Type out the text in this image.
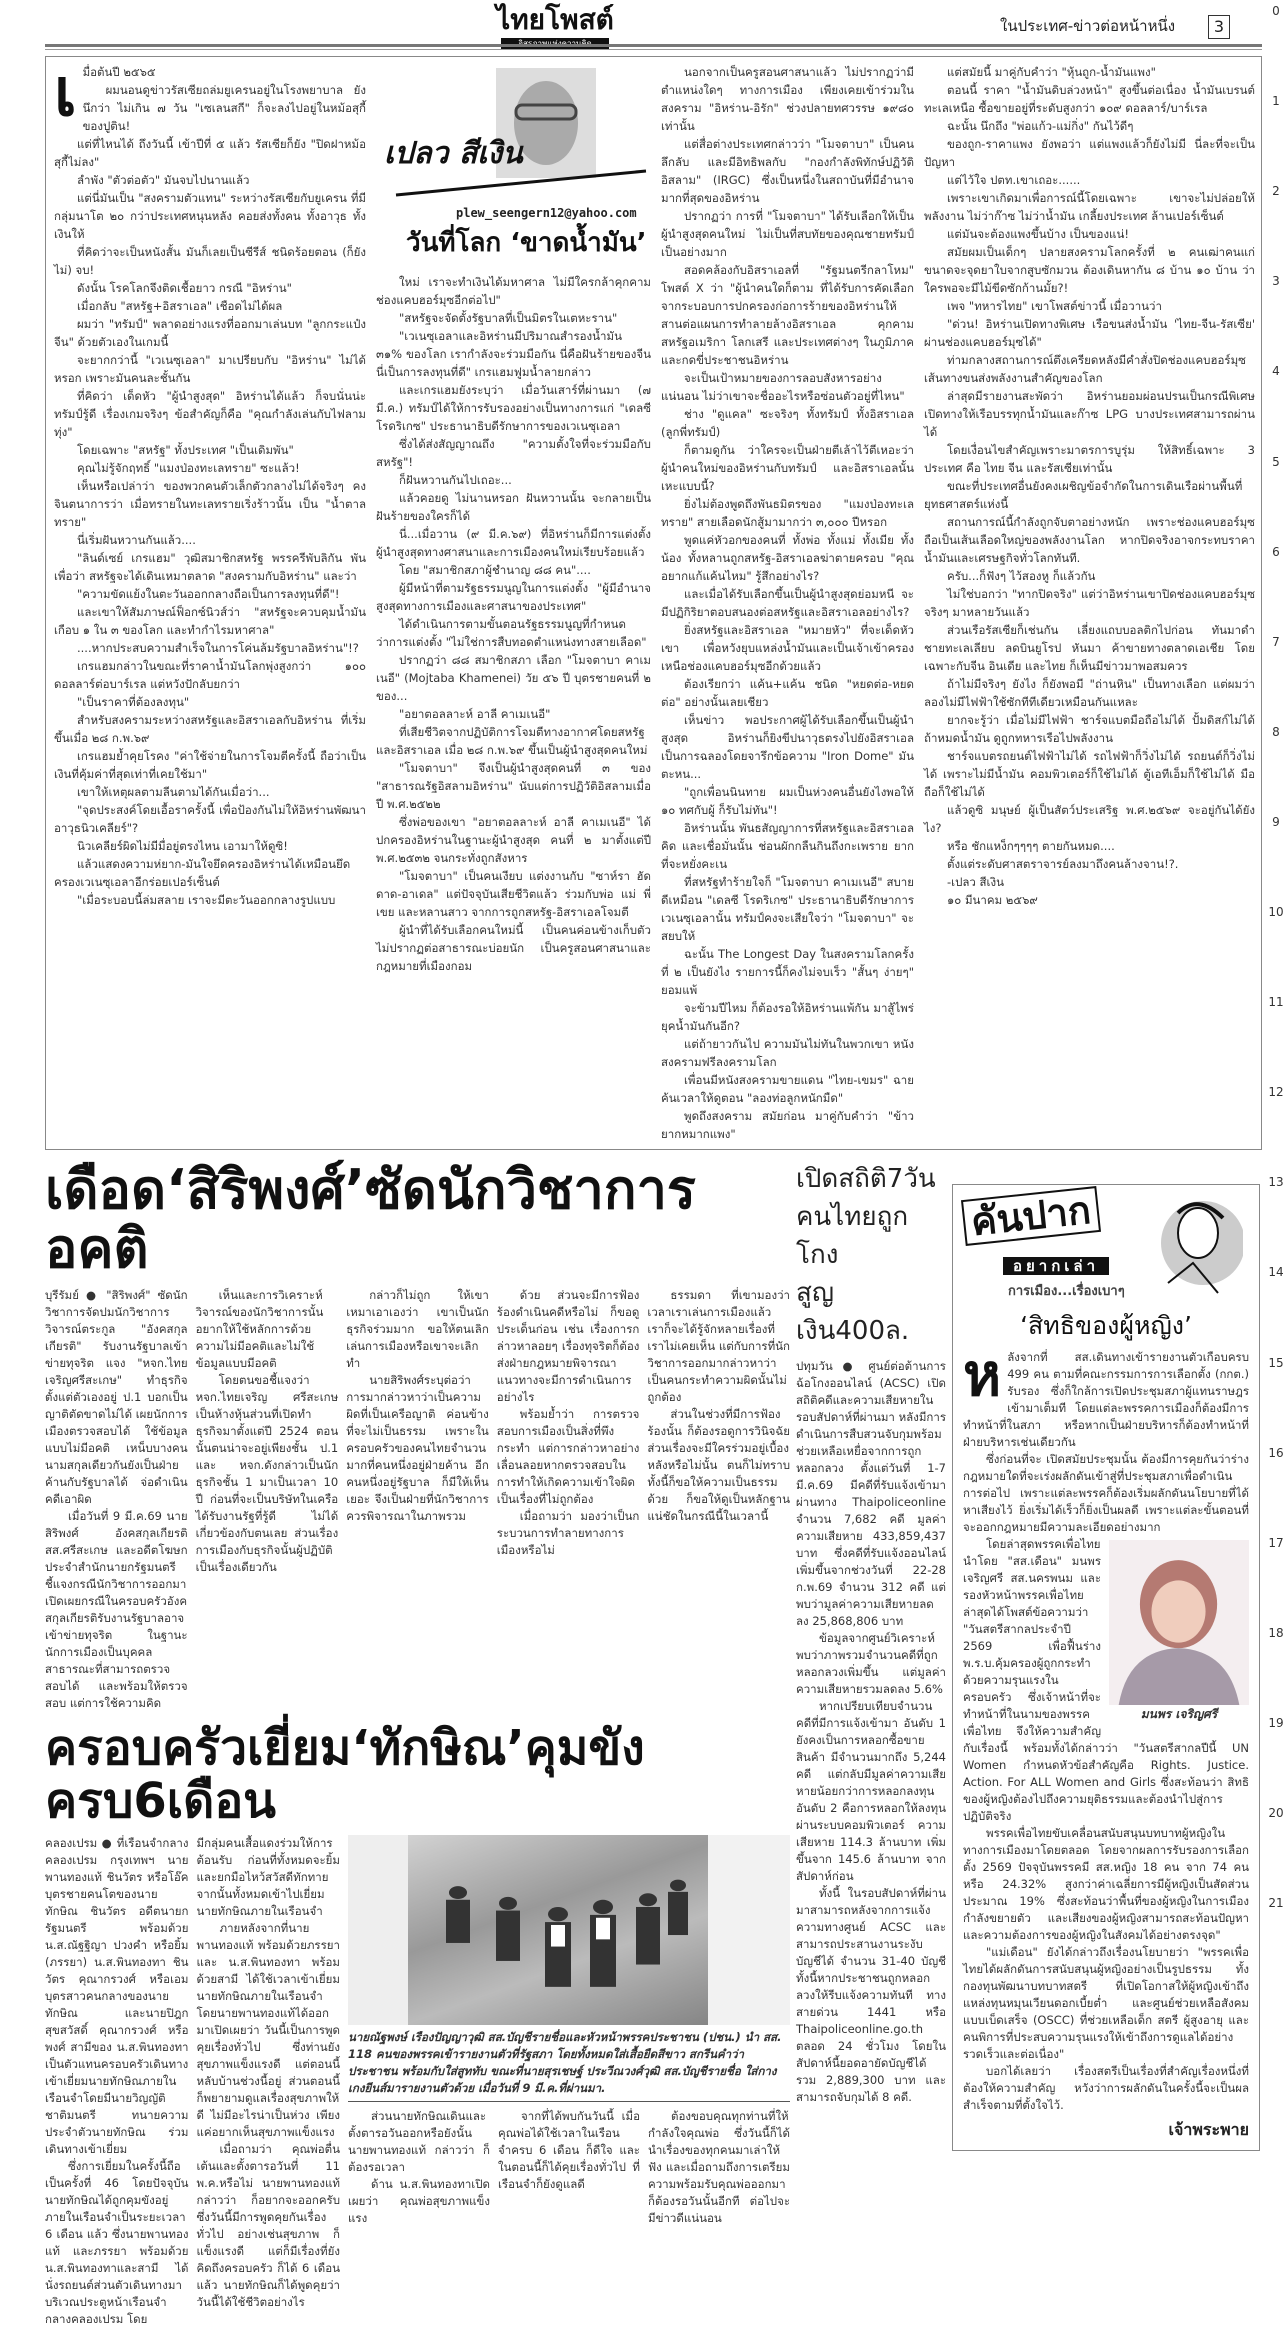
ไทยโพสต์	ในประเทศ-ข่าวต่อหน้าหนึ่ง	3
0
1
2
3
4
5
6
7
8
9
10
11
12
13
14
15
16
17
18
19
20
21
เ มื่อต้นปี ๒๕๖๕

ผมนอนดูข่าวรัสเซียถล่มยูเครนอยู่ในโรงพยาบาล ยังนึกว่า ไม่เกิน ๗ วัน "เซเลนสกี" ก็จะลงไปอยู่ในหม้อสุกี้ของปูติน!

แต่ที่ไหนได้ ถึงวันนี้ เข้าปีที่ ๕ แล้ว รัสเซียก็ยัง "ปิดฝาหม้อสุกี้ไม่ลง"

ลำพัง "ตัวต่อตัว" มันจบไปนานแล้ว

แต่นี่มันเป็น "สงครามตัวแทน" ระหว่างรัสเซียกับยูเครน ที่มีกลุ่มนาโต ๒๐ กว่าประเทศหนุนหลัง คอยส่งทั้งคน ทั้งอาวุธ ทั้งเงินให้

ที่คิดว่าจะเป็นหนังสั้น มันก็เลยเป็นซีรีส์ ชนิดร้อยตอน (ก็ยังไม่) จบ!

ดังนั้น โรคโลกจึงติดเชื้อยาว กรณี "อิหร่าน"

เมื่อกลับ "สหรัฐ+อิสราเอล" เชือดไม่ได้ผล

ผมว่า "ทรัมป์" พลาดอย่างแรงที่ออกมาเล่นบท "ลูกกระแป๋งจีน" ด้วยตัวเองในเกมนี้

จะยากกว่านี้ "เวเนซุเอลา" มาเปรียบกับ "อิหร่าน" ไม่ได้หรอก เพราะมันคนละชั้นกัน

ที่คิดว่า เด็ดหัว "ผู้นำสูงสุด" อิหร่านได้แล้ว ก็จบนั่นน่ะ ทรัมป์รู้ดี เรื่องเกมจริงๆ ข้อสำคัญก็คือ "คุณกำลังเล่นกับไฟลามทุ่ง"

โดยเฉพาะ "สหรัฐ" ทั้งประเทศ "เป็นเดิมพัน"

คุณไม่รู้จักฤทธิ์ "แมงป่องทะเลทราย" ซะแล้ว!

เห็นหรือเปล่าว่า ของพวกคนตัวเล็กตัวกลางไม่ได้จริงๆ คงจินตนาการว่า เมื่อทรายในทะเลทรายเริ่งร้าวนั้น เป็น "น้ำตาลทราย"

นี่เริ่มฝันหวานกันแล้ว....

"ลินด์เซย์ เกรแฮม" วุฒิสมาชิกสหรัฐ พรรครีพับลิกัน พันเพื่อว่า สหรัฐจะได้เดินเหมาตลาด "สงครามกับอิหร่าน" และว่า

"ความขัดแย้งในตะวันออกกลางถือเป็นการลงทุนที่ดี"!

และเขาให้สัมภาษณ์ฟ็อกซ์นิวส์ว่า "สหรัฐจะควบคุมน้ำมันเกือบ ๑ ใน ๓ ของโลก และทำกำไรมหาศาล"

....หากประสบความสำเร็จในการโค่นล้มรัฐบาลอิหร่าน"!?

เกรแฮมกล่าวในขณะที่ราคาน้ำมันโลกพุ่งสูงกว่า ๑๐๐ ดอลลาร์ต่อบาร์เรล แต่หวังปักลับยกว่า

"เป็นราคาที่ต้องลงทุน"

สำหรับสงครามระหว่างสหรัฐและอิสราเอลกับอิหร่าน ที่เริ่มขึ้นเมื่อ ๒๘ ก.พ.๖๙

เกรแฮมย้ำคุยโรคง "ค่าใช้จ่ายในการโจมตีครั้งนี้ ถือว่าเป็นเงินที่คุ้มค่าที่สุดเท่าที่เคยใช้มา"

เขาให้เหตุผลตามลีนตามได้กันเมื่อว่า...

"จุดประสงค์โดยเอื้อราครั้งนี้ เพื่อป้องกันไม่ให้อิหร่านพัฒนาอาวุธนิวเคลียร์"?

นิวเคลียร์ผิดไม่มีมื่อยู่ตรงไหน เอามาให้ดูซิ!

แล้วแสดงความห่ยาก-มันใจยึดครองอิหร่านได้เหมือนยึดครองเวเนซุเอลาอีกร่อยเปอร์เซ็นต์

"เมื่อระบอบนี้ล่มสลาย เราจะมีตะวันออกกลางรูปแบบ

เปลว สีเงิน
plew_seengern12@yahoo.com
วันที่โลก ‘ขาดน้ำมัน’

ใหม่ เราจะทำเงินได้มหาศาล ไม่มีใครกล้าคุกคามช่องแคบฮอร์มุซอีกต่อไป"

"สหรัฐจะจัดตั้งรัฐบาลที่เป็นมิตรในเตหะราน"

"เวเนซุเอลาและอิหร่านมีปริมาณสำรองน้ำมัน ๓๑% ของโลก เรากำลังจะร่วมมือกัน นี่คือฝันร้ายของจีน นี่เป็นการลงทุนที่ดี" เกรแฮมฟูมน้ำลายกล่าว

และเกรแฮมยังระบุว่า เมื่อวันเสาร์ที่ผ่านมา (๗ มี.ค.) ทรัมป์ได้ให้การรับรองอย่างเป็นทางการแก่ "เดลซี โรดริเกซ" ประธานาธิบดีรักษาการของเวเนซุเอลา

ซึ่งได้ส่งสัญญาณถึง "ความตั้งใจที่จะร่วมมือกับสหรัฐ"!

ก็ฝันหวานกันไปเถอะ...

แล้วคอยดู ไม่นานหรอก ฝันหวานนั้น จะกลายเป็นฝันร้ายของใครก็ได้

นี่...เมื่อวาน (๙ มี.ค.๖๙) ที่อิหร่านก็มีการแต่งตั้งผู้นำสูงสุดทางศาสนาและการเมืองคนใหม่เรียบร้อยแล้ว

โดย "สมาชิกสภาผู้ชำนาญ ๘๘ คน"....

ผู้มีหน้าที่ตามรัฐธรรมนูญในการแต่งตั้ง "ผู้มีอำนาจสูงสุดทางการเมืองและศาสนาของประเทศ"

ได้ดำเนินการตามขั้นตอนรัฐธรรมนูญที่กำหนดว่าการแต่งตั้ง "ไม่ใช่การสืบทอดตำแหน่งทางสายเลือด"

ปรากฏว่า ๘๘ สมาชิกสภา เลือก "โมจตาบา คาเมเนอี" (Mojtaba Khamenei) วัย ๕๖ ปี บุตรชายคนที่ ๒ ของ...

"อยาตอลลาะห์ อาลี คาเมเนอี"

ที่เสียชีวิตจากปฏิบัติการโจมตีทางอากาศโดยสหรัฐและอิสราเอล เมื่อ ๒๘ ก.พ.๖๙ ขึ้นเป็นผู้นำสูงสุดคนใหม่

"โมจตาบา" จึงเป็นผู้นำสูงสุดคนที่ ๓ ของ "สาธารณรัฐอิสลามอิหร่าน" นับแต่การปฏิวัติอิสลามเมื่อปี พ.ศ.๒๕๒๒

ซึ่งพ่อของเขา "อยาตอลลาะห์ อาลี คาเมเนอี" ได้ปกครองอิหร่านในฐานะผู้นำสูงสุด คนที่ ๒ มาตั้งแต่ปี พ.ศ.๒๕๓๒ จนกระทั่งถูกสังหาร

"โมจตาบา" เป็นคนเงียบ แต่งงานกับ "ซาห์รา ฮัดดาด-อาเดล" แต่ปัจจุบันเสียชีวิตแล้ว ร่วมกับพ่อ แม่ พี่เขย และหลานสาว จากการถูกสหรัฐ-อิสราเอลโจมตี

ผู้นำที่ได้รับเลือกคนใหม่นี้ เป็นคนค่อนข้างเก็บตัว ไม่ปรากฏต่อสาธารณะบ่อยนัก เป็นครูสอนศาสนาและกฎหมายที่เมืองกอม

นอกจากเป็นครูสอนศาสนาแล้ว ไม่ปรากฏว่ามีตำแหน่งใดๆ ทางการเมือง เพียงเคยเข้าร่วมในสงคราม "อิหร่าน-อิรัก" ช่วงปลายทศวรรษ ๑๙๘๐ เท่านั้น

แต่สื่อต่างประเทศกล่าวว่า "โมจตาบา" เป็นคนลึกลับ และมีอิทธิพลกับ "กองกำลังพิทักษ์ปฏิวัติอิสลาม" (IRGC) ซึ่งเป็นหนึ่งในสถาบันที่มีอำนาจมากที่สุดของอิหร่าน

ปรากฏว่า การที่ "โมจตาบา" ได้รับเลือกให้เป็นผู้นำสูงสุดคนใหม่ ไม่เป็นที่สบทัยของคุณชายทรัมป์เป็นอย่างมาก

สอดคล้องกับอิสราเอลที่ "รัฐมนตรีกลาโหม" โพสต์ X ว่า "ผู้นำคนใดก็ตาม ที่ได้รับการคัดเลือกจากระบอบการปกครองก่อการร้ายของอิหร่านให้สานต่อแผนการทำลายล้างอิสราเอล คุกคามสหรัฐอเมริกา โลกเสรี และประเทศต่างๆ ในภูมิภาค และกดขี่ประชาชนอิหร่าน

จะเป็นเป้าหมายของการลอบสังหารอย่างแน่นอน ไม่ว่าเขาจะชื่ออะไรหรือซ่อนตัวอยู่ที่ไหน"

ช่าง "ดูแคล" ซะจริงๆ ทั้งทรัมป์ ทั้งอิสราเอล (ลูกพี่ทรัมป์)

ก็ตามดูกัน ว่าใครจะเป็นฝ่ายตีเล้าไว้ตีเหอะว่า ผู้นำคนใหม่ของอิหร่านกับทรัมป์ และอิสราเอลนั้นเหะแบบนี้?

ยิ่งไม่ต้องพูดถึงพันธมิตรของ "แมงป่องทะเลทราย" สายเลือดนักสู้มามากว่า ๓,๐๐๐ ปีหรอก

พูดแค่หัวอกของคนที่ ทั้งพ่อ ทั้งแม่ ทั้งเมีย ทั้งน้อง ทั้งหลานถูกสหรัฐ-อิสราเอลฆ่าตายครอบ "คุณอยากแก้แค้นไหม" รู้สึกอย่างไร?

และเมื่อได้รับเลือกขึ้นเป็นผู้นำสูงสุดย่อมหนี จะมีปฏิกิริยาตอบสนองต่อสหรัฐและอิสราเอลอย่างไร?

ยิ่งสหรัฐและอิสราเอล "หมายหัว" ที่จะเด็ดหัวเขา เพื่อหวังยุบแหล่งน้ำมันและเป็นเจ้าเข้าครองเหนือช่องแคบฮอร์มุซอีกด้วยแล้ว

ต้องเรียกว่า แค้น+แค้น ชนิด "หยดต่อ-หยดต่อ" อย่างนั้นเลยเชียว

เห็นข่าว พอประกาศผู้ได้รับเลือกขึ้นเป็นผู้นำสูงสุด อิหร่านก็ยิงขีปนาวุธตรงไปยังอิสราเอลเป็นการฉลองโดยจารึกข้อความ "Iron Dome" มันตะหน...

"ถูกเพื่อนนินทาย ผมเป็นห่วงคนอื่นยังไงพอให้ ๑๐ ทศกับผู้ ก็รับไม่ทัน"!

อิหร่านนั้น พันธสัญญาการที่สหรัฐและอิสราเอลคิด และเชื่อมั่นนั้น ช่อนผักกลืนกินถึงกะเพราย ยากที่จะหยั่งคะเน

ที่สหรัฐทำร้ายใจก็ "โมจตาบา คาเมเนอี" สบายดีเหมือน "เดลซี โรดริเกซ" ประธานาธิบดีรักษาการเวเนซุเอลานั้น ทรัมป์คงจะเสียใจว่า "โมจตาบา" จะสยบให้

ฉะนั้น The Longest Day ในสงครามโลกครั้งที่ ๒ เป็นยังไง รายการนี้ก็คงไม่จบเร็ว "สั้นๆ ง่ายๆ" ยอมแพ้

จะข้ามปีไหม ก็ต้องรอให้อิหร่านแพ้กัน มาสู้ไพร่ยุคน้ำมันกันอีก?

แต่ถ้ายาวกันไป ความมันไม่ทันในพวกเขา หนังสงครามฟรีลงครามโลก

เพื่อนมีหนังสงครามขายแดน "ไทย-เขมร" ฉายค้นเวลาให้ดูตอน "ลองท่อลูกหนักมืด"

พูดถึงสงคราม สมัยก่อน มาคู่กับคำว่า "ข้าวยากหมากแพง"

แต่สมัยนี้ มาคู่กับคำว่า "หุ้นถูก-น้ำมันแพง"

ตอนนี้ ราคา "น้ำมันดิบล่วงหน้า" สูงขึ้นต่อเนื่อง น้ำมันเบรนต์ทะเลเหนือ ซื้อขายอยู่ที่ระดับสูงกว่า ๑๐๙ ดอลลาร์/บาร์เรล

ฉะนั้น นึกถึง "พ่อแก้ว-แม่กิ่ง" กันไว้ดีๆ

ของถูก-ราคาแพง ยังพอว่า แต่แพงแล้วก็ยังไม่มี นี่ละที่จะเป็นปัญหา

แต่ไว้ใจ ปตท.เขาเถอะ......

เพราะเขาเกิดมาเพื่อการณ์นี้โดยเฉพาะ เขาจะไม่ปล่อยให้พลังงาน ไม่ว่าก๊าซ ไม่ว่าน้ำมัน เกลี้ยงประเทศ ล้านเปอร์เซ็นต์

แต่มันจะต้องแพงขึ้นบ้าง เป็นของแน่!

สมัยผมเป็นเด็กๆ ปลายสงครามโลกครั้งที่ ๒ คนเฒ่าคนแก่ ขนาดจะจุดยาใบจากสูบซักมวน ต้องเดินหากัน ๘ บ้าน ๑๐ บ้าน ว่าใครพอจะมีไม้ขีดซักก้านมั้ย?!

เพจ "ทหารไทย" เขาโพสต์ข่าวนี้ เมื่อวานว่า

"ด่วน! อิหร่านเปิดทางพิเศษ เรือขนส่งน้ำมัน 'ไทย-จีน-รัสเซีย' ผ่านช่องแคบฮอร์มุซได้"

ท่ามกลางสถานการณ์ตึงเครียดหลังมีคำสั่งปิดช่องแคบฮอร์มุซ เส้นทางขนส่งพลังงานสำคัญของโลก

ล่าสุดมีรายงานสะพัดว่า อิหร่านยอมผ่อนปรนเป็นกรณีพิเศษ เปิดทางให้เรือบรรทุกน้ำมันและก๊าซ LPG บางประเทศสามารถผ่านได้

โดยเงื่อนไขสำคัญเพราะมาตรการบูรุ่ม ให้สิทธิ์เฉพาะ 3 ประเทศ คือ ไทย จีน และรัสเซียเท่านั้น

ขณะที่ประเทศอื่นยังคงเผชิญข้อจำกัดในการเดินเรือผ่านพื้นที่ยุทธศาสตร์แห่งนี้

สถานการณ์นี้กำลังถูกจับตาอย่างหนัก เพราะช่องแคบฮอร์มุซถือเป็นเส้นเลือดใหญ่ของพลังงานโลก หากปิดจริงอาจกระทบราคาน้ำมันและเศรษฐกิจทั่วโลกทันที.

ครับ...ก็ฟังๆ ไว้สองหู ก็แล้วกัน

ไม่ใช่บอกว่า "ทากปิดจริง" แต่ว่าอิหร่านเขาปิดช่องแคบฮอร์มุซจริงๆ มาหลายวันแล้ว

ส่วนเรือรัสเซียก็เช่นกัน เลี่ยงแถบบอลติกไปก่อน ทันมาดำชายทะเลเลียบ ลดบินยูโรป หันมา ค้าขายทางตลาดเอเชีย โดยเฉพาะกับจีน อินเดีย และไทย ก็เห็นมีข่าวมาพอสมควร

ถ้าไม่มีจริงๆ ยังไง ก็ยังพอมี "ถ่านหิน" เป็นทางเลือก แต่ผมว่า ลองไม่มีไฟฟ้าใช้ซักทีทีเดียวเหมือนกันแหละ

ยากจะรู้ว่า เมื่อไม่มีไฟฟ้า ชาร์จแบตมือถือไม่ได้ ปั้มดิสก์ไม่ได้ ถ้าหมดน้ำมัน ดูถูกทหารเรือไปพลังงาน

ชาร์จแบตรถยนต์ไฟฟ้าไม่ได้ รถไฟฟ้าก็วิ่งไม่ได้ รถยนต์ก็วิ่งไม่ได้ เพราะไม่มีน้ำมัน คอมพิวเตอร์ก็ใช้ไม่ได้ ตู้เอทีเอ็มก็ใช้ไม่ได้ มือถือก็ใช้ไม่ได้

แล้วดูซิ มนุษย์ ผู้เป็นสัตว์ประเสริฐ พ.ศ.๒๕๖๙ จะอยู่กันได้ยังไง?

หรือ ชักแหง็กๆๆๆๆ ตายกันหมด....

ตั้งแต่ระดับศาสตราจารย์ลงมาถึงคนล้างจาน!?.

-เปลว สีเงิน

๑๐ มีนาคม ๒๕๖๙

เดือด‘สิริพงศ์’ซัดนักวิชาการอคติ

บุรีรัมย์ ● "สิริพงศ์" ซัดนักวิชาการจัดปมนักวิชาการวิจารณ์ตระกูล "อังคสกุลเกียรติ" รับงานรัฐบาลเข้าข่ายทุจริต แจง "หจก.ไทยเจริญศรีสะเกษ" ทำธุรกิจตั้งแต่ตัวเองอยู่ ป.1 บอกเป็นญาติตัดขาดไม่ได้ เผยนักการเมืองตรวจสอบได้ ใช้ข้อมูลแบบไม่มีอคติ เหน็บบางคนนามสกุลเดียวกันยังเป็นฝ่ายค้านกับรัฐบาลได้ จ่อดำเนินคดีเอาผิด

เมื่อวันที่ 9 มี.ค.69 นายสิริพงศ์ อังคสกุลเกียรติ สส.ศรีสะเกษ และอดีตโฆษกประจำสำนักนายกรัฐมนตรี ชี้แจงกรณีนักวิชาการออกมาเปิดเผยกรณีในครอบครัวอังคสกุลเกียรติรับงานรัฐบาลอาจเข้าข่ายทุจริต ในฐานะนักการเมืองเป็นบุคคลสาธารณะที่สามารถตรวจสอบได้ และพร้อมให้ตรวจสอบ แต่การใช้ความคิด

เห็นและการวิเคราะห์วิจารณ์ของนักวิชาการนั้น อยากให้ใช้หลักการด้วยความไม่มีอคติและไม่ใช้ข้อมูลแบบมีอคติ

โดยตนขอชี้แจงว่า หจก.ไทยเจริญ ศรีสะเกษ เป็นห้างหุ้นส่วนที่เปิดทำธุรกิจมาตั้งแต่ปี 2524 ตอนนั้นตนน่าจะอยู่เพียงชั้น ป.1 และ หจก.ดังกล่าวเป็นนักธุรกิจชั้น 1 มาเป็นเวลา 10 ปี ก่อนที่จะเป็นบริษัทในเครือ ได้รับงานรัฐที่รู้ดี ไม่ได้เกี่ยวข้องกับตนเลย ส่วนเรื่องการเมืองกับธุรกิจนั้นผู้ปฏิบัติเป็นเรื่องเดียวกัน

กล่าวก็ไม่ถูก ให้เขาเหมาเอาเองว่า เขาเป็นนักธุรกิจร่วมมาก ขอให้ตนเลิกเล่นการเมืองหรือเขาจะเลิกทำ

นายสิริพงศ์ระบุต่อว่า การมากล่าวหาว่าเป็นความผิดที่เป็นเครือญาติ ค่อนข้างที่จะไม่เป็นธรรม เพราะในครอบครัวของคนไทยจำนวนมากที่คนหนึ่งอยู่ฝ่ายค้าน อีกคนหนึ่งอยู่รัฐบาล ก็มีให้เห็นเยอะ จึงเป็นฝ่ายที่นักวิชาการควรพิจารณาในภาพรวม

ด้วย ส่วนจะมีการฟ้องร้องดำเนินคดีหรือไม่ ก็ขอดูประเด็นก่อน เช่น เรื่องการกล่าวหาลอยๆ เรื่องทุจริตก็ต้องส่งฝ่ายกฎหมายพิจารณาแนวทางจะมีการดำเนินการอย่างไร

พร้อมย้ำว่า การตรวจสอบการเมืองเป็นสิ่งที่พึงกระทำ แต่การกล่าวหาอย่างเลื่อนลอยหากตรวจสอบในการทำให้เกิดความเข้าใจผิดเป็นเรื่องที่ไม่ถูกต้อง

เมื่อถามว่า มองว่าเป็นกระบวนการทำลายทางการเมืองหรือไม่

ธรรมดา ที่เขามองว่าเวลาเราเล่นการเมืองแล้ว เราก็จะได้รู้จักหลายเรื่องที่เราไม่เคยเห็น แต่กับการที่นักวิชาการออกมากล่าวหาว่าเป็นคนกระทำความผิดนั้นไม่ถูกต้อง

ส่วนในช่วงที่มีการฟ้องร้องนั้น ก็ต้องรอดูการวินิจฉัย ส่วนเรื่องจะมีใครร่วมอยู่เบื้องหลังหรือไม่นั้น ตนก็ไม่ทราบ ทั้งนี้ก็ขอให้ความเป็นธรรมด้วย ก็ขอให้ดูเป็นหลักฐานแน่ชัดในกรณีนี้ในเวลานี้

ครอบครัวเยี่ยม‘ทักษิณ’คุมขังครบ6เดือน

คลองเปรม ● ที่เรือนจำกลางคลองเปรม กรุงเทพฯ นายพานทองแท้ ชินวัตร หรือโอ๊ค บุตรชายคนโตของนายทักษิณ ชินวัตร อดีตนายกรัฐมนตรี พร้อมด้วย น.ส.ณัฐฐิญา ปวงคำ หรือยิ้ม (ภรรยา) น.ส.พินทองทา ชินวัตร คุณากรวงศ์ หรือเอม บุตรสาวคนกลางของนายทักษิณ และนายปิฎก สุขสวัสดิ์ คุณากรวงศ์ หรือพงศ์ สามีของ น.ส.พินทองทา เป็นตัวแทนครอบครัวเดินทางเข้าเยี่ยมนายทักษิณภายในเรือนจำโดยมีนายวิญญัติ ชาติมนตรี ทนายความประจำตัวนายทักษิณ ร่วมเดินทางเข้าเยี่ยม

ซึ่งการเยี่ยมในครั้งนี้ถือเป็นครั้งที่ 46 โดยปัจจุบันนายทักษิณได้ถูกคุมขังอยู่ภายในเรือนจำเป็นระยะเวลา 6 เดือน แล้ว ซึ่งนายพานทองแท้ และภรรยา พร้อมด้วย น.ส.พินทองทาและสามี ได้นั่งรถยนต์ส่วนตัวเดินทางมาบริเวณประตูหน้าเรือนจำกลางคลองเปรม โดย

มีกลุ่มคนเสื้อแดงร่วมให้การต้อนรับ ก่อนที่ทั้งหมดจะยิ้มและยกมือไหว้สวัสดีทักทาย จากนั้นทั้งหมดเข้าไปเยี่ยมนายทักษิณภายในเรือนจำ

ภายหลังจากที่นายพานทองแท้ พร้อมด้วยภรรยา และ น.ส.พินทองทา พร้อมด้วยสามี ได้ใช้เวลาเข้าเยี่ยมนายทักษิณภายในเรือนจำ โดยนายพานทองแท้ได้ออกมาเปิดเผยว่า วันนี้เป็นการพูดคุยเรื่องทั่วไป ซึ่งท่านยังสุขภาพแข็งแรงดี แต่ตอนนี้หลับบ้านช่วงนี้อยู่ ส่วนตอนนี้ก็พยายามดูแลเรื่องสุขภาพให้ดี ไม่มีอะไรน่าเป็นห่วง เพียงแค่อยากเห็นสุขภาพแข็งแรง

เมื่อถามว่า คุณพ่อตื่นเต้นและตั้งตารอวันที่ 11 พ.ค.หรือไม่ นายพานทองแท้กล่าวว่า ก็อยากจะออกครับ ซึ่งวันนี้มีการพูดคุยกันเรื่องทั่วไป อย่างเช่นสุขภาพ ก็แข็งแรงดี แต่ก็มีเรื่องที่ยังคิดถึงครอบครัว ก็ได้ 6 เดือนแล้ว นายทักษิณก็ได้พูดคุยว่าวันนี้ได้ใช้ชีวิตอย่างไร

นายณัฐพงษ์ เรืองปัญญาวุฒิ สส.บัญชีรายชื่อและหัวหน้าพรรคประชาชน (ปชน.) นำ สส. 118 คนของพรรคเข้ารายงานตัวที่รัฐสภา โดยทั้งหมดใส่เสื้อยืดสีขาว สกรีนคำว่า ประชาชน พร้อมกับใส่สูททับ ขณะที่นายสุรเชษฐ์ ประวีณวงศ์วุฒิ สส.บัญชีรายชื่อ ใส่กางเกงยีนส์มารายงานตัวด้วย เมื่อวันที่ 9 มี.ค.ที่ผ่านมา.

ส่วนนายทักษิณเดินและตั้งตารอวันออกหรือยังนั้น นายพานทองแท้ กล่าวว่า ก็ต้องรอเวลา

ด้าน น.ส.พินทองทาเปิดเผยว่า คุณพ่อสุขภาพแข็งแรง

จากที่ได้พบกันวันนี้ เมื่อคุณพ่อได้ใช้เวลาในเรือนจำครบ 6 เดือน ก็ดีใจ และในตอนนี้ก็ได้คุยเรื่องทั่วไป ที่เรือนจำก็ยังดูแลดี

ต้องขอบคุณทุกท่านที่ให้กำลังใจคุณพ่อ ซึ่งวันนี้ก็ได้นำเรื่องของทุกคนมาเล่าให้ฟัง และเมื่อถามถึงการเตรียมความพร้อมรับคุณพ่อออกมา ก็ต้องรอวันนั้นอีกที ต่อไปจะมีข่าวดีแน่นอน

เปิดสถิติ7วัน
คนไทยถูกโกง
สูญเงิน400ล.

ปทุมวัน ● ศูนย์ต่อต้านการฉ้อโกงออนไลน์ (ACSC) เปิดสถิติคดีและความเสียหายในรอบสัปดาห์ที่ผ่านมา หลังมีการดำเนินการสืบสวนจับกุมพร้อมช่วยเหลือเหยื่อจากการถูกหลอกลวง ตั้งแต่วันที่ 1-7 มี.ค.69 มีคดีที่รับแจ้งเข้ามาผ่านทาง Thaipoliceonline จำนวน 7,682 คดี มูลค่าความเสียหาย 433,859,437 บาท ซึ่งคดีที่รับแจ้งออนไลน์เพิ่มขึ้นจากช่วงวันที่ 22-28 ก.พ.69 จำนวน 312 คดี แต่พบว่ามูลค่าความเสียหายลดลง 25,868,806 บาท

ข้อมูลจากศูนย์วิเคราะห์พบว่าภาพรวมจำนวนคดีที่ถูกหลอกลวงเพิ่มขึ้น แต่มูลค่าความเสียหายรวมลดลง 5.6%

หากเปรียบเทียบจำนวนคดีที่มีการแจ้งเข้ามา อันดับ 1 ยังคงเป็นการหลอกซื้อขายสินค้า มีจำนวนมากถึง 5,244 คดี แต่กลับมีมูลค่าความเสียหายน้อยกว่าการหลอกลงทุน อันดับ 2 คือการหลอกให้ลงทุนผ่านระบบคอมพิวเตอร์ ความเสียหาย 114.3 ล้านบาท เพิ่มขึ้นจาก 145.6 ล้านบาท จากสัปดาห์ก่อน

ทั้งนี้ ในรอบสัปดาห์ที่ผ่านมาสามารถหลังจากการแจ้งความทางศูนย์ ACSC และสามารถประสานงานระงับบัญชีได้ จำนวน 31-40 บัญชี ทั้งนี้หากประชาชนถูกหลอกลวงให้รีบแจ้งความทันที ทางสายด่วน 1441 หรือ Thaipoliceonline.go.th ตลอด 24 ชั่วโมง โดยในสัปดาห์นี้ยอดอายัดบัญชีได้รวม 2,889,300 บาท และสามารถจับกุมได้ 8 คดี.

คันปาก
อยากเล่า
การเมือง...เรื่องเบาๆ
‘สิทธิของผู้หญิง’
ห ลังจากที่ สส.เดินทางเข้ารายงานตัวเกือบครบ 499 คน ตามที่คณะกรรมการการเลือกตั้ง (กกต.) รับรอง ซึ่งก็ใกล้การเปิดประชุมสภาผู้แทนราษฎรเข้ามาเต็มที โดยแต่ละพรรคการเมืองก็ต้องมีการทำหน้าที่ในสภา หรือหากเป็นฝ่ายบริหารก็ต้องทำหน้าที่ฝ่ายบริหารเช่นเดียวกัน

ซึ่งก่อนที่จะ เปิดสมัยประชุมนั้น ต้องมีการคุยกันว่าร่างกฎหมายใดที่จะเร่งผลักดันเข้าสู่ที่ประชุมสภาเพื่อดำเนินการต่อไป เพราะแต่ละพรรคก็ต้องเริ่มผลักดันนโยบายที่ได้หาเสียงไว้ ยิ่งเริ่มได้เร็วก็ยิ่งเป็นผลดี เพราะแต่ละขั้นตอนที่จะออกกฎหมายมีความละเอียดอย่างมาก

มนพร เจริญศรี

โดยล่าสุดพรรคเพื่อไทย นำโดย "สส.เดือน" มนพร เจริญศรี สส.นครพนม และรองหัวหน้าพรรคเพื่อไทย ล่าสุดได้โพสต์ข้อความว่า "วันสตรีสากลประจำปี 2569 เพื่อฟื้นร่าง พ.ร.บ.คุ้มครองผู้ถูกกระทำด้วยความรุนแรงในครอบครัว ซึ่งเจ้าหน้าที่จะทำหน้าที่ในนามของพรรคเพื่อไทย จึงให้ความสำคัญกับเรื่องนี้ พร้อมทั้งได้กล่าวว่า "วันสตรีสากลปีนี้ UN Women กำหนดหัวข้อสำคัญคือ Rights. Justice. Action. For ALL Women and Girls ซึ่งสะท้อนว่า สิทธิของผู้หญิงต้องไปถึงความยุติธรรมและต้องนำไปสู่การปฏิบัติจริง

พรรคเพื่อไทยขับเคลื่อนสนับสนุนบทบาทผู้หญิงในทางการเมืองมาโดยตลอด โดยจากผลการรับรองการเลือกตั้ง 2569 ปัจจุบันพรรคมี สส.หญิง 18 คน จาก 74 คน หรือ 24.32% สูงกว่าค่าเฉลี่ยการมีผู้หญิงเป็นสัดส่วนประมาณ 19% ซึ่งสะท้อนว่าพื้นที่ของผู้หญิงในการเมืองกำลังขยายตัว และเสียงของผู้หญิงสามารถสะท้อนปัญหาและความต้องการของผู้หญิงในสังคมได้อย่างตรงจุด"

"แม่เดือน" ยังได้กล่าวถึงเรื่องนโยบายว่า "พรรคเพื่อไทยได้ผลักดันการสนับสนุนผู้หญิงอย่างเป็นรูปธรรม ทั้งกองทุนพัฒนาบทบาทสตรี ที่เปิดโอกาสให้ผู้หญิงเข้าถึงแหล่งทุนหมุนเวียนดอกเบี้ยต่ำ และศูนย์ช่วยเหลือสังคมแบบเบ็ดเสร็จ (OSCC) ที่ช่วยเหลือเด็ก สตรี ผู้สูงอายุ และคนพิการที่ประสบความรุนแรงให้เข้าถึงการดูแลได้อย่างรวดเร็วและต่อเนื่อง"

บอกได้เลยว่า เรื่องสตรีเป็นเรื่องที่สำคัญเรื่องหนึ่งที่ต้องให้ความสำคัญ หวังว่าการผลักดันในครั้งนี้จะเป็นผลสำเร็จตามที่ตั้งใจไว้.

เจ้าพระพาย
